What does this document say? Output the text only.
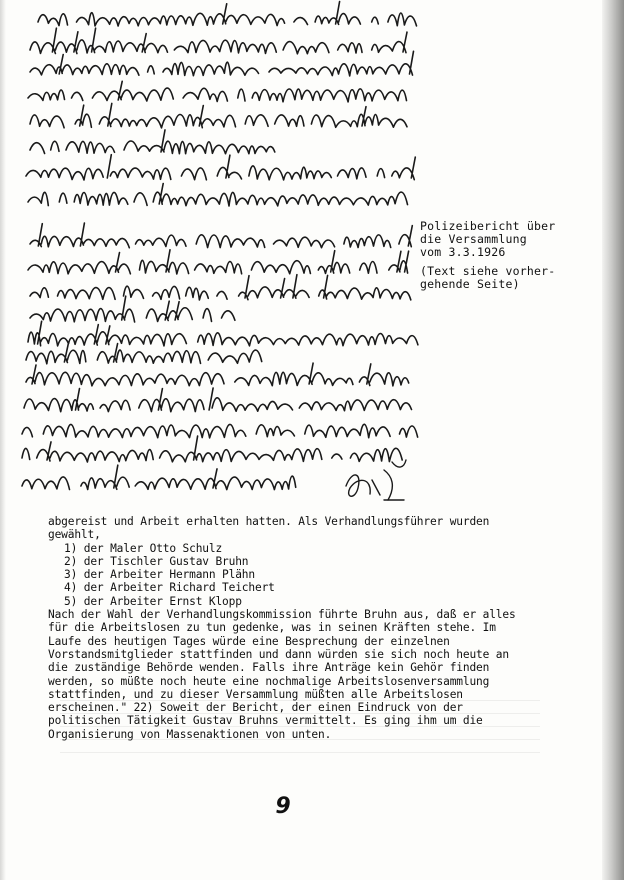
Polizeibericht über
die Versammlung
vom 3.3.1926

(Text siehe vorher-
gehende Seite)

abgereist und Arbeit erhalten hatten. Als Verhandlungsführer wurden gewählt,

1) der Maler Otto Schulz
2) der Tischler Gustav Bruhn
3) der Arbeiter Hermann Plähn
4) der Arbeiter Richard Teichert
5) der Arbeiter Ernst Klopp

Nach der Wahl der Verhandlungskommission führte Bruhn aus, daß er alles für die Arbeitslosen zu tun gedenke, was in seinen Kräften stehe. Im Laufe des heutigen Tages würde eine Besprechung der einzelnen Vorstandsmitglieder stattfinden und dann würden sie sich noch heute an die zuständige Behörde wenden. Falls ihre Anträge kein Gehör finden werden, so müßte noch heute eine nochmalige Arbeitslosenversammlung stattfinden, und zu dieser Versammlung müßten alle Arbeitslosen erscheinen." 22) Soweit der Bericht, der einen Eindruck von der politischen Tätigkeit Gustav Bruhns vermittelt. Es ging ihm um die Organisierung von Massenaktionen von unten.

9
